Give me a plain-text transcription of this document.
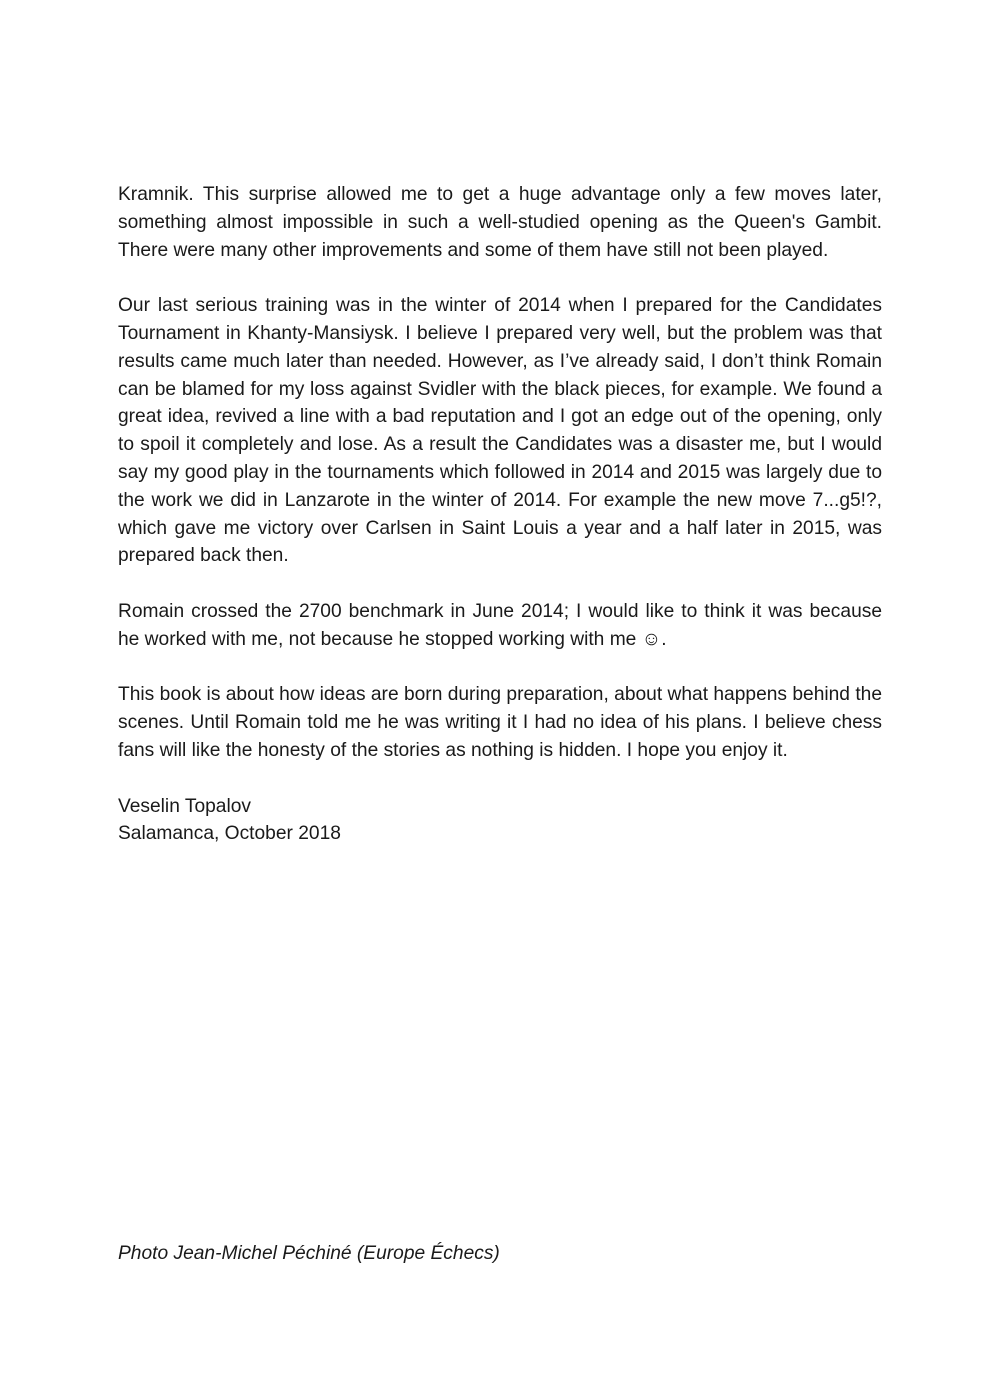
Kramnik. This surprise allowed me to get a huge advantage only a few moves later, something almost impossible in such a well-studied opening as the Queen's Gambit. There were many other improvements and some of them have still not been played.

Our last serious training was in the winter of 2014 when I prepared for the Candidates Tournament in Khanty-Mansiysk. I believe I prepared very well, but the problem was that results came much later than needed. However, as I’ve already said, I don’t think Romain can be blamed for my loss against Svidler with the black pieces, for example. We found a great idea, revived a line with a bad reputation and I got an edge out of the opening, only to spoil it completely and lose. As a result the Candidates was a disaster me, but I would say my good play in the tournaments which followed in 2014 and 2015 was largely due to the work we did in Lanzarote in the winter of 2014. For example the new move 7...g5!?, which gave me victory over Carlsen in Saint Louis a year and a half later in 2015, was prepared back then.

Romain crossed the 2700 benchmark in June 2014; I would like to think it was because he worked with me, not because he stopped working with me ☺.

This book is about how ideas are born during preparation, about what happens behind the scenes. Until Romain told me he was writing it I had no idea of his plans. I believe chess fans will like the honesty of the stories as nothing is hidden. I hope you enjoy it.

Veselin Topalov
Salamanca, October 2018
Photo Jean-Michel Péchiné (Europe Échecs)
